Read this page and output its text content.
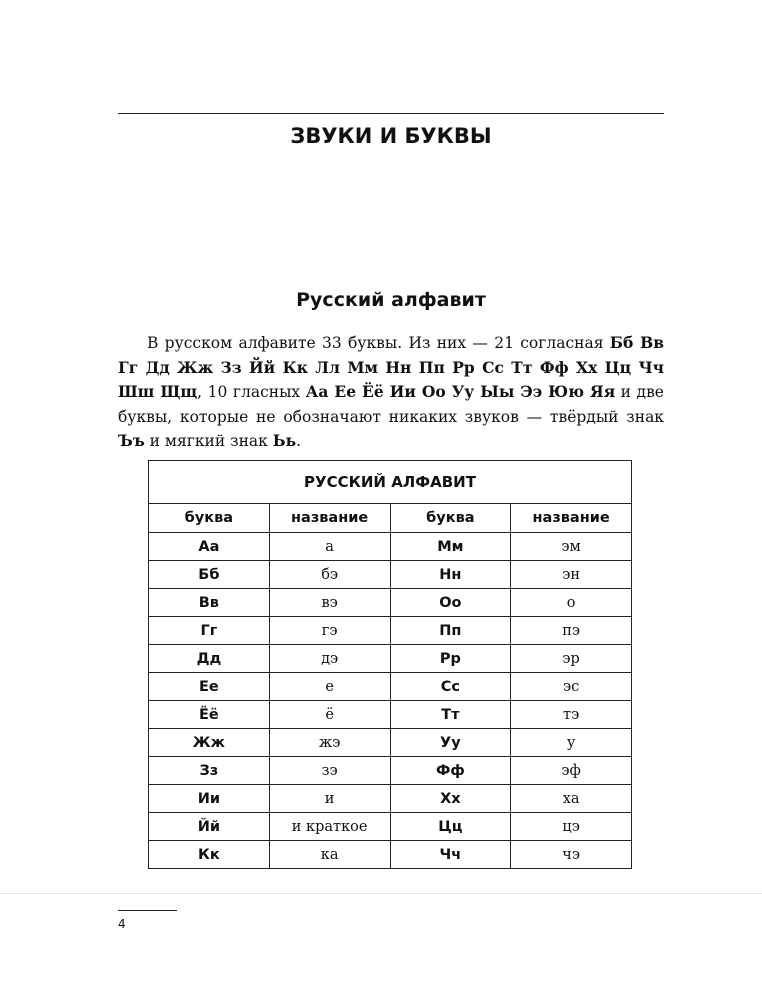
ЗВУКИ И БУКВЫ
Русский алфавит

В русском алфавите 33 буквы. Из них — 21 согласная Бб Вв Гг Дд Жж Зз Йй Кк Лл Мм Нн Пп Рр Сс Тт Фф Хх Цц Чч Шш Щщ, 10 гласных Аа Ее Ёё Ии Оо Уу Ыы Ээ Юю Яя и две буквы, которые не обозначают никаких звуков — твёрдый знак Ъъ и мягкий знак Ьь.

РУССКИЙ АЛФАВИТ			
буква	название	буква	название
Аа	а	Мм	эм
Бб	бэ	Нн	эн
Вв	вэ	Оо	о
Гг	гэ	Пп	пэ
Дд	дэ	Рр	эр
Ее	е	Сс	эс
Ёё	ё	Тт	тэ
Жж	жэ	Уу	у
Зз	зэ	Фф	эф
Ии	и	Хх	ха
Йй	и краткое	Цц	цэ
Кк	ка	Чч	чэ
4
